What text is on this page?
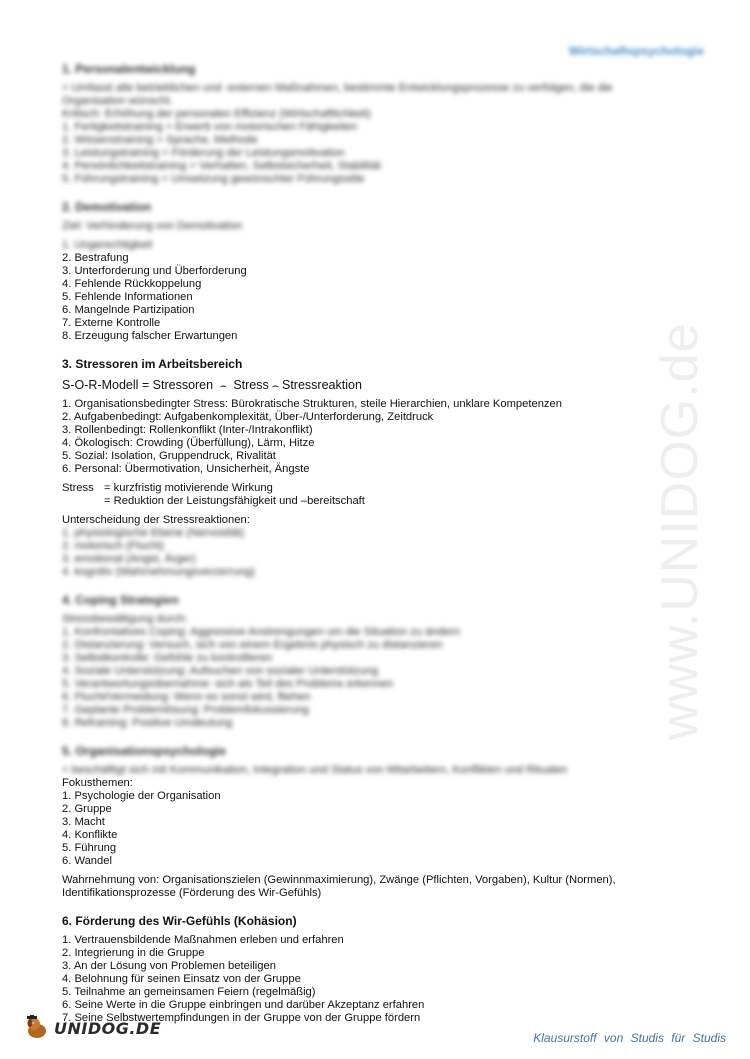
Wirtschaftspsychologie
www.UNIDOG.de
1. Personalentwicklung

= Umfasst alle betrieblichen und -externen Maßnahmen, bestimmte Entwicklungsprozesse zu verfolgen, die die

Organisation wünscht.

Kritisch: Erhöhung der personalen Effizienz (Wirtschaftlichkeit)

1. Fertigkeitstraining = Erwerb von motorischen Fähigkeiten

2. Wissenstraining = Sprache, Methode

3. Leistungstraining = Förderung der Leistungsmotivation

4. Persönlichkeitstraining = Verhalten, Selbstsicherheit, Stabilität

5. Führungstraining = Umsetzung gewünschter Führungsstile

2. Demotivation

Ziel: Verhinderung von Demotivation

1. Ungerechtigkeit

2. Bestrafung

3. Unterforderung und Überforderung

4. Fehlende Rückkoppelung

5. Fehlende Informationen

6. Mangelnde Partizipation

7. Externe Kontrolle

8. Erzeugung falscher Erwartungen

3. Stressoren im Arbeitsbereich

S-O-R-Modell = Stressoren ⌢ Stress ⌢ Stressreaktion

1. Organisationsbedingter Stress: Bürokratische Strukturen, steile Hierarchien, unklare Kompetenzen

2. Aufgabenbedingt: Aufgabenkomplexität, Über-/Unterforderung, Zeitdruck

3. Rollenbedingt: Rollenkonflikt (Inter-/Intrakonflikt)

4. Ökologisch: Crowding (Überfüllung), Lärm, Hitze

5. Sozial: Isolation, Gruppendruck, Rivalität

6. Personal: Übermotivation, Unsicherheit, Ängste

Stress = kurzfristig motivierende Wirkung

= Reduktion der Leistungsfähigkeit und –bereitschaft

Unterscheidung der Stressreaktionen:

1. physiologische Ebene (Nervosität)

2. motorisch (Flucht)

3. emotional (Angst, Ärger)

4. kognitiv (Wahrnehmungsverzerrung)

4. Coping Strategien

Stressbewältigung durch:

1. Konfrontatives Coping: Aggressive Anstrengungen um die Situation zu ändern

2. Distanzierung: Versuch, sich von einem Ergebnis physisch zu distanzieren

3. Selbstkontrolle: Gefühle zu kontrollieren

4. Soziale Unterstützung: Aufsuchen von sozialer Unterstützung

5. Verantwortungsübernahme: sich als Teil des Problems erkennen

6. Flucht/Vermeidung: Wenn es sonst wird, fliehen

7. Geplante Problemlösung: Problemfokussierung

8. Reframing: Positive Umdeutung

5. Organisationspsychologie

= beschäftigt sich mit Kommunikation, Integration und Status von Mitarbeitern, Konflikten und Ritualen

Fokusthemen:

1. Psychologie der Organisation

2. Gruppe

3. Macht

4. Konflikte

5. Führung

6. Wandel

Wahrnehmung von: Organisationszielen (Gewinnmaximierung), Zwänge (Pflichten, Vorgaben), Kultur (Normen),

Identifikationsprozesse (Förderung des Wir-Gefühls)

6. Förderung des Wir-Gefühls (Kohäsion)

1. Vertrauensbildende Maßnahmen erleben und erfahren

2. Integrierung in die Gruppe

3. An der Lösung von Problemen beteiligen

4. Belohnung für seinen Einsatz von der Gruppe

5. Teilnahme an gemeinsamen Feiern (regelmäßig)

6. Seine Werte in die Gruppe einbringen und darüber Akzeptanz erfahren

7. Seine Selbstwertempfindungen in der Gruppe von der Gruppe fördern

UNIDOG.DE
Klausurstoff von Studis für Studis
